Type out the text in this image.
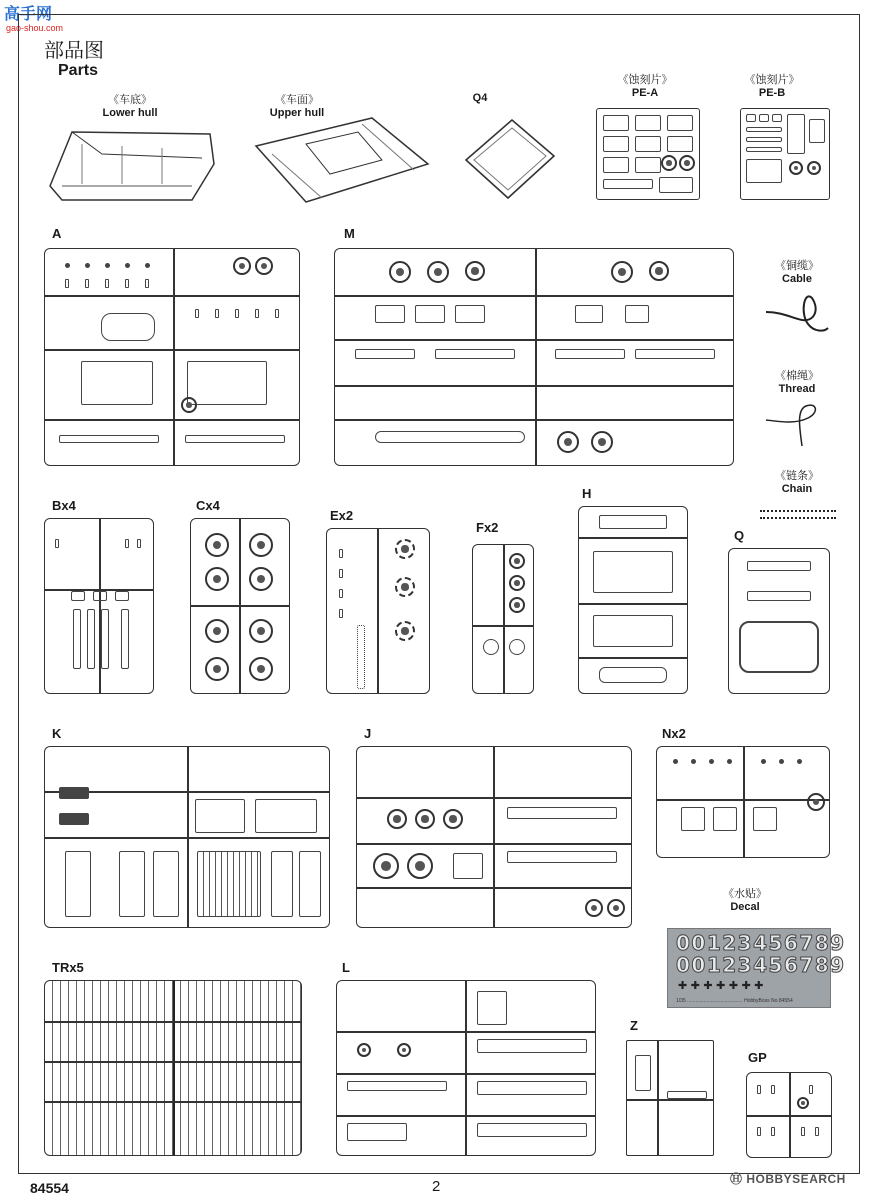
高手网
gao-shou.com
部品图
Parts
《车底》
Lower hull
《车面》
Upper hull
Q4
《蚀刻片》
PE-A
《蚀刻片》
PE-B
A	M
《铜缆》
Cable
《棉绳》
Thread
《链条》
Chain
Bx4	Cx4
Ex2
Fx2
H
Q
K	J	Nx2
《水贴》
Decal
00123456789
00123456789
✚ ✚ ✚ ✚ ✚ ✚ ✚
1/35 ........................................ HobbyBoss No.84554
TRx5	L
Z
GP
84554	2	Ⓗ HOBBYSEARCH
